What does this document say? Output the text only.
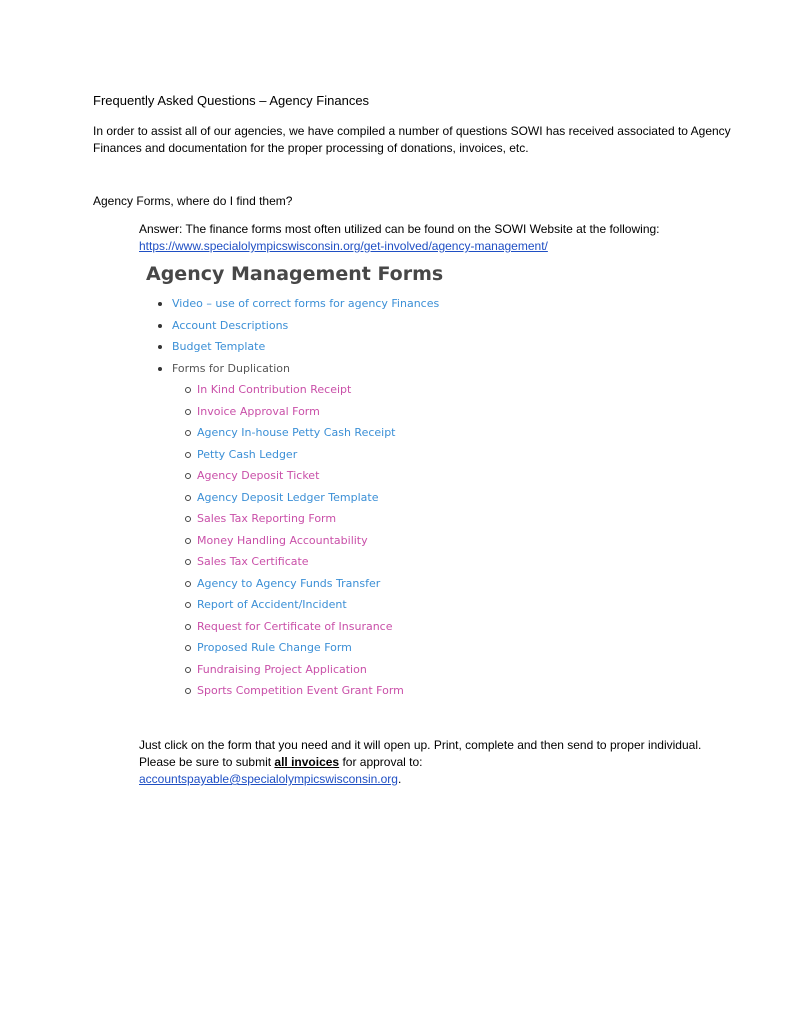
Frequently Asked Questions – Agency Finances
In order to assist all of our agencies, we have compiled a number of questions SOWI has received associated to Agency Finances and documentation for the proper processing of donations, invoices, etc.
Agency Forms, where do I find them?
Answer: The finance forms most often utilized can be found on the SOWI Website at the following:
https://www.specialolympicswisconsin.org/get-involved/agency-management/
Agency Management Forms
Video – use of correct forms for agency Finances
Account Descriptions
Budget Template
Forms for Duplication
In Kind Contribution Receipt
Invoice Approval Form
Agency In-house Petty Cash Receipt
Petty Cash Ledger
Agency Deposit Ticket
Agency Deposit Ledger Template
Sales Tax Reporting Form
Money Handling Accountability
Sales Tax Certificate
Agency to Agency Funds Transfer
Report of Accident/Incident
Request for Certificate of Insurance
Proposed Rule Change Form
Fundraising Project Application
Sports Competition Event Grant Form
Just click on the form that you need and it will open up. Print, complete and then send to proper individual. Please be sure to submit all invoices for approval to:
accountspayable@specialolympicswisconsin.org.
